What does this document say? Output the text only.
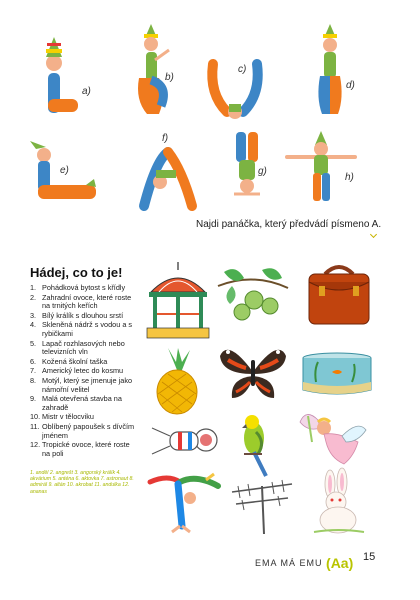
a)
b)
c)
d)
e)
f)
g)
h)
Najdi panáčka, který předvádí písmeno A.
Hádej, co to je!
1. Pohádková bytost s křídly
2. Zahradní ovoce, které roste na trnitých keřích
3. Bílý králík s dlouhou srstí
4. Skleněná nádrž s vodou a s rybičkami
5. Lapač rozhlasových nebo televizních vln
6. Kožená školní taška
7. Americký letec do kosmu
8. Motýl, který se jmenuje jako námořní velitel
9. Malá otevřená stavba na zahradě
10. Mistr v tělocviku
11. Oblíbený papoušek s dívčím jménem
12. Tropické ovoce, které roste na poli
1. anděl 2. angrešt 3. angorský králík 4. akvárium 5. anténa 6. aktovka 7. astronaut 8. admirál 9. altán 10. akrobat 11. andulka 12. ananas
EMA MÁ EMU (Aa) 15
